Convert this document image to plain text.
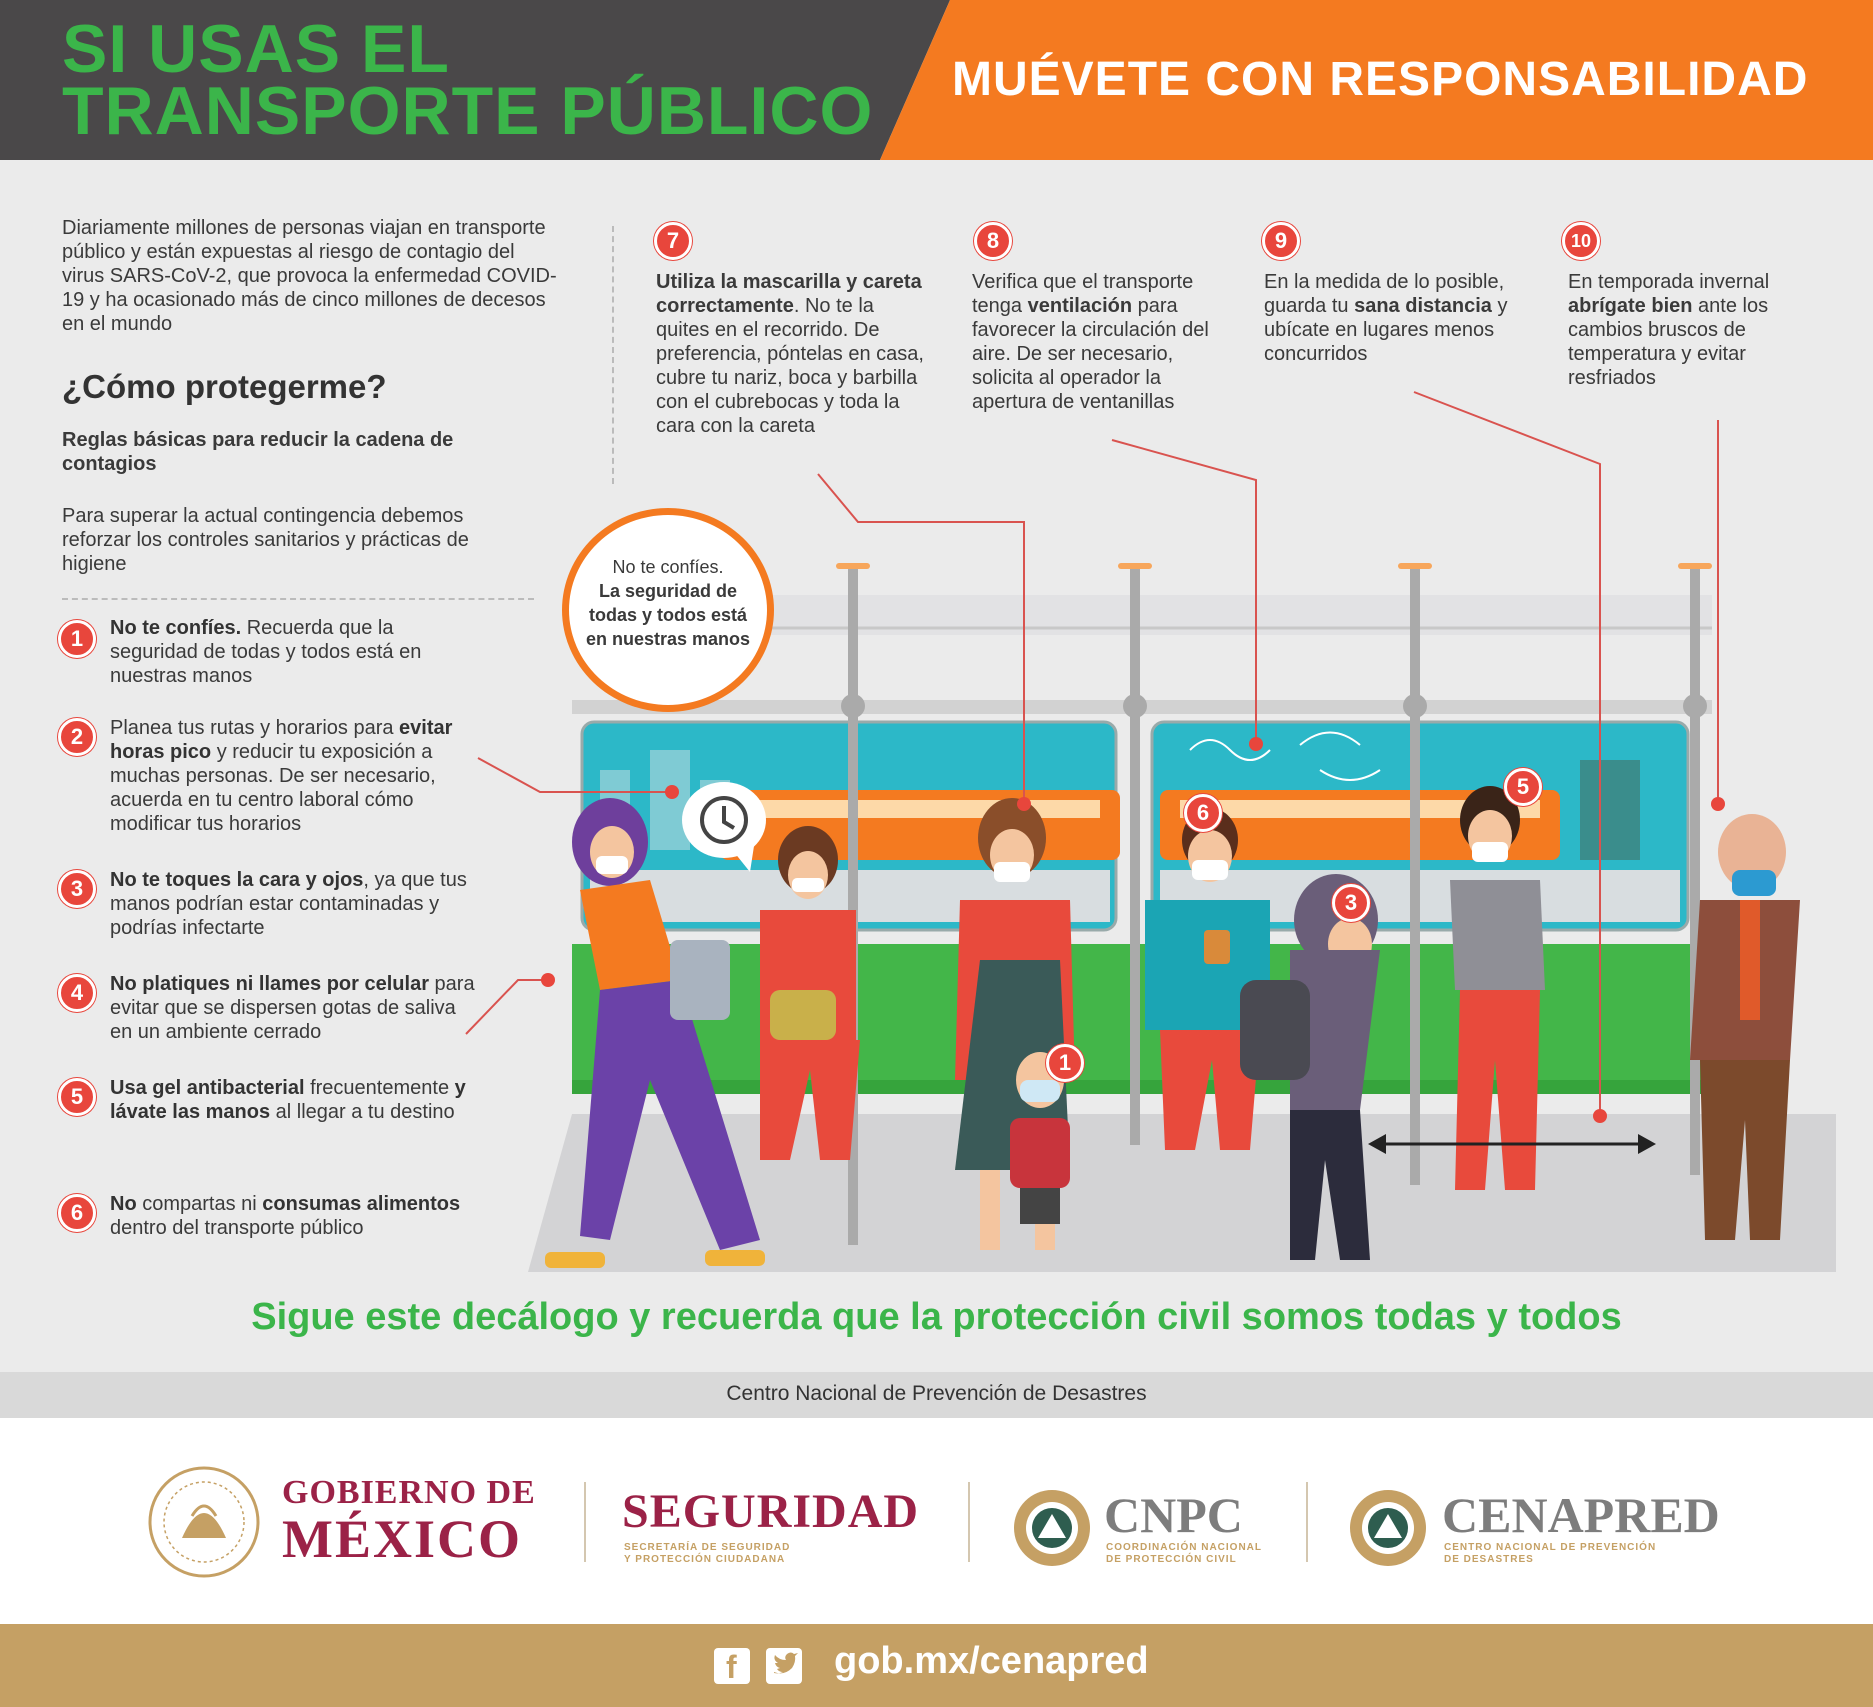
SI USAS EL
TRANSPORTE PÚBLICO MUÉVETE CON RESPONSABILIDAD
Diariamente millones de personas viajan en transporte público y están expuestas al riesgo de contagio del virus SARS-CoV-2, que provoca la enfermedad COVID-19 y ha ocasionado más de cinco millones de decesos en el mundo
¿Cómo protegerme?
Reglas básicas para reducir la cadena de contagios
Para superar la actual contingencia debemos reforzar los controles sanitarios y prácticas de higiene
1	No te confíes. Recuerda que la seguridad de todas y todos está en nuestras manos
2	Planea tus rutas y horarios para evitar horas pico y reducir tu exposición a muchas personas. De ser necesario, acuerda en tu centro laboral cómo modificar tus horarios
3	No te toques la cara y ojos, ya que tus manos podrían estar contaminadas y podrías infectarte
4	No platiques ni llames por celular para evitar que se dispersen gotas de saliva en un ambiente cerrado
5	Usa gel antibacterial frecuentemente y lávate las manos al llegar a tu destino
6	No compartas ni consumas alimentos dentro del transporte público
7
Utiliza la mascarilla y careta correctamente. No te la quites en el recorrido. De preferencia, póntelas en casa, cubre tu nariz, boca y barbilla con el cubrebocas y toda la cara con la careta
8
Verifica que el transporte tenga ventilación para favorecer la circulación del aire. De ser necesario, solicita al operador la apertura de ventanillas
9
En la medida de lo posible, guarda tu sana distancia y ubícate en lugares menos concurridos
10
En temporada invernal abrígate bien ante los cambios bruscos de temperatura y evitar resfriados
1
3
5
6
No te confíes.
La seguridad de todas y todos está en nuestras manos
Sigue este decálogo y recuerda que la protección civil somos todas y todos
Centro Nacional de Prevención de Desastres
GOBIERNO DE
MÉXICO SEGURIDAD
SECRETARÍA DE SEGURIDAD
Y PROTECCIÓN CIUDADANA
CNPC
COORDINACIÓN NACIONAL
DE PROTECCIÓN CIVIL
CENAPRED
CENTRO NACIONAL DE PREVENCIÓN
DE DESASTRES
f	gob.mx/cenapred
